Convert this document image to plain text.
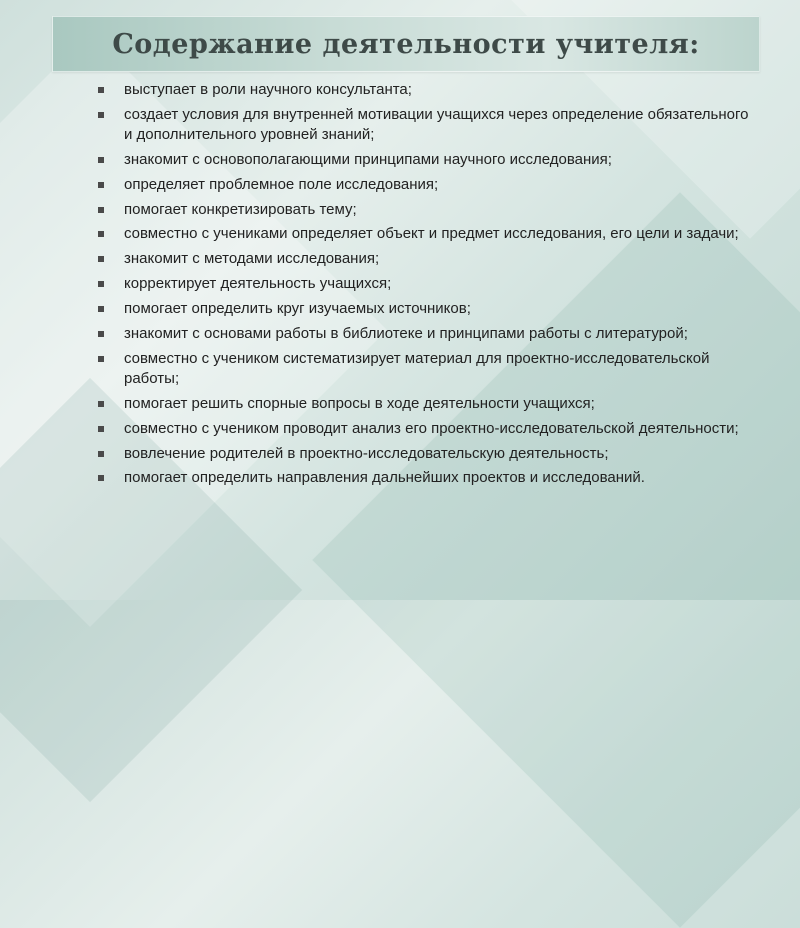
Содержание деятельности учителя:
выступает в роли научного консультанта;
создает условия для внутренней мотивации учащихся через определение обязательного и дополнительного уровней знаний;
знакомит с основополагающими принципами научного исследования;
определяет проблемное поле исследования;
помогает конкретизировать тему;
совместно с учениками определяет объект и предмет исследования, его цели и задачи;
знакомит с методами исследования;
корректирует деятельность учащихся;
помогает определить круг изучаемых источников;
знакомит с основами работы в библиотеке и принципами работы с литературой;
совместно с учеником систематизирует материал для проектно-исследовательской работы;
помогает решить спорные вопросы в ходе деятельности учащихся;
совместно с учеником проводит анализ его проектно-исследовательской деятельности;
вовлечение родителей в проектно-исследовательскую деятельность;
помогает определить направления дальнейших проектов и исследований.
